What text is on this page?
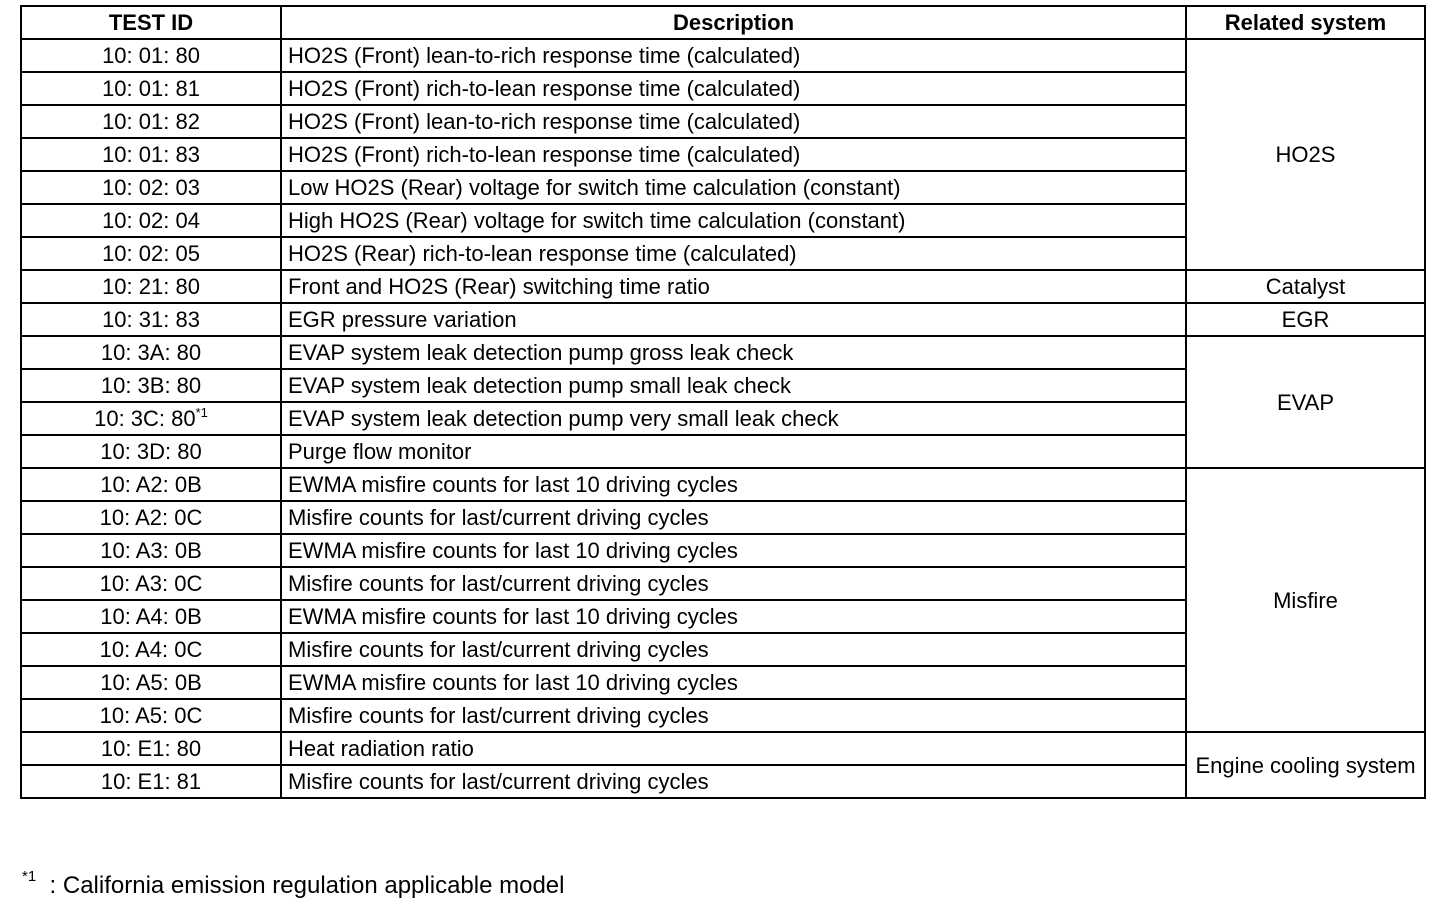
TEST ID	Description	Related system
10: 01: 80	HO2S (Front) lean-to-rich response time (calculated)	HO2S
10: 01: 81	HO2S (Front) rich-to-lean response time (calculated)	
10: 01: 82	HO2S (Front) lean-to-rich response time (calculated)	
10: 01: 83	HO2S (Front) rich-to-lean response time (calculated)	
10: 02: 03	Low HO2S (Rear) voltage for switch time calculation (constant)	
10: 02: 04	High HO2S (Rear) voltage for switch time calculation (constant)	
10: 02: 05	HO2S (Rear) rich-to-lean response time (calculated)	
10: 21: 80	Front and HO2S (Rear) switching time ratio	Catalyst
10: 31: 83	EGR pressure variation	EGR
10: 3A: 80	EVAP system leak detection pump gross leak check	EVAP
10: 3B: 80	EVAP system leak detection pump small leak check	
10: 3C: 80$^{*1}$	EVAP system leak detection pump very small leak check	
10: 3D: 80	Purge flow monitor	
10: A2: 0B	EWMA misfire counts for last 10 driving cycles	Misfire
10: A2: 0C	Misfire counts for last/current driving cycles	
10: A3: 0B	EWMA misfire counts for last 10 driving cycles	
10: A3: 0C	Misfire counts for last/current driving cycles	
10: A4: 0B	EWMA misfire counts for last 10 driving cycles	
10: A4: 0C	Misfire counts for last/current driving cycles	
10: A5: 0B	EWMA misfire counts for last 10 driving cycles	
10: A5: 0C	Misfire counts for last/current driving cycles	
10: E1: 80	Heat radiation ratio	Engine cooling system
10: E1: 81	Misfire counts for last/current driving cycles	
$^{*1}$ : California emission regulation applicable model
